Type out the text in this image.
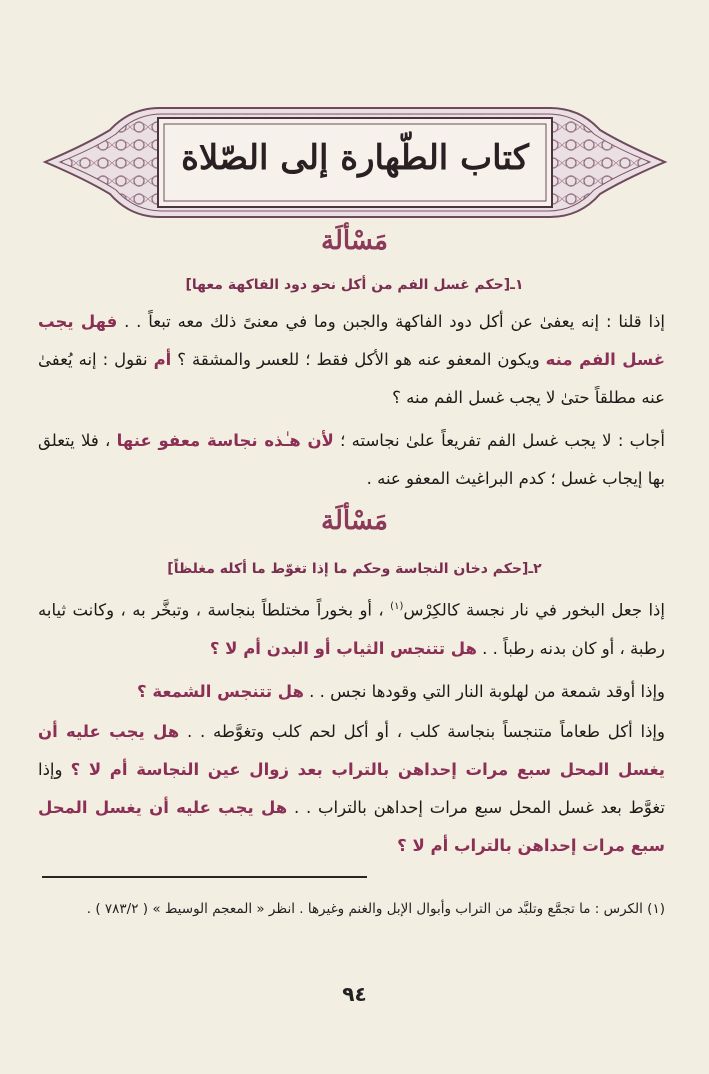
كتاب الطّهارة إلى الصّلاة
مَسْألَة
١ـ[حكم غسل الفم من أكل نحو دود الفاكهة معها]
إذا قلنا : إنه يعفىٰ عن أكل دود الفاكهة والجبن وما في معنىً ذلك معه تبعاً . . فهل يجب غسل الفم منه ويكون المعفو عنه هو الأكل فقط ؛ للعسر والمشقة ؟ أم نقول : إنه يُعفىٰ عنه مطلقاً حتىٰ لا يجب غسل الفم منه ؟
أجاب : لا يجب غسل الفم تفريعاً علىٰ نجاسته ؛ لأن هـٰذه نجاسة معفو عنها ، فلا يتعلق بها إيجاب غسل ؛ كدم البراغيث المعفو عنه .
مَسْألَة
٢ـ[حكم دخان النجاسة وحكم ما إذا تغوّط ما أكله مغلظاً]
إذا جعل البخور في نار نجسة كالكِرْس$^{(١)}$ ، أو بخوراً مختلطاً بنجاسة ، وتبخَّر به ، وكانت ثيابه رطبة ، أو كان بدنه رطباً . . هل تتنجس الثياب أو البدن أم لا ؟
وإذا أوقد شمعة من لهلوبة النار التي وقودها نجس . . هل تتنجس الشمعة ؟
وإذا أكل طعاماً متنجساً بنجاسة كلب ، أو أكل لحم كلب وتغوَّطه . . هل يجب عليه أن يغسل المحل سبع مرات إحداهن بالتراب بعد زوال عين النجاسة أم لا ؟ وإذا تغوَّط بعد غسل المحل سبع مرات إحداهن بالتراب . . هل يجب عليه أن يغسل المحل سبع مرات إحداهن بالتراب أم لا ؟
(١) الكرس : ما تجمَّع وتلبَّد من التراب وأبوال الإبل والغنم وغيرها . انظر « المعجم الوسيط » ( ٧٨٣/٢ ) .
٩٤
